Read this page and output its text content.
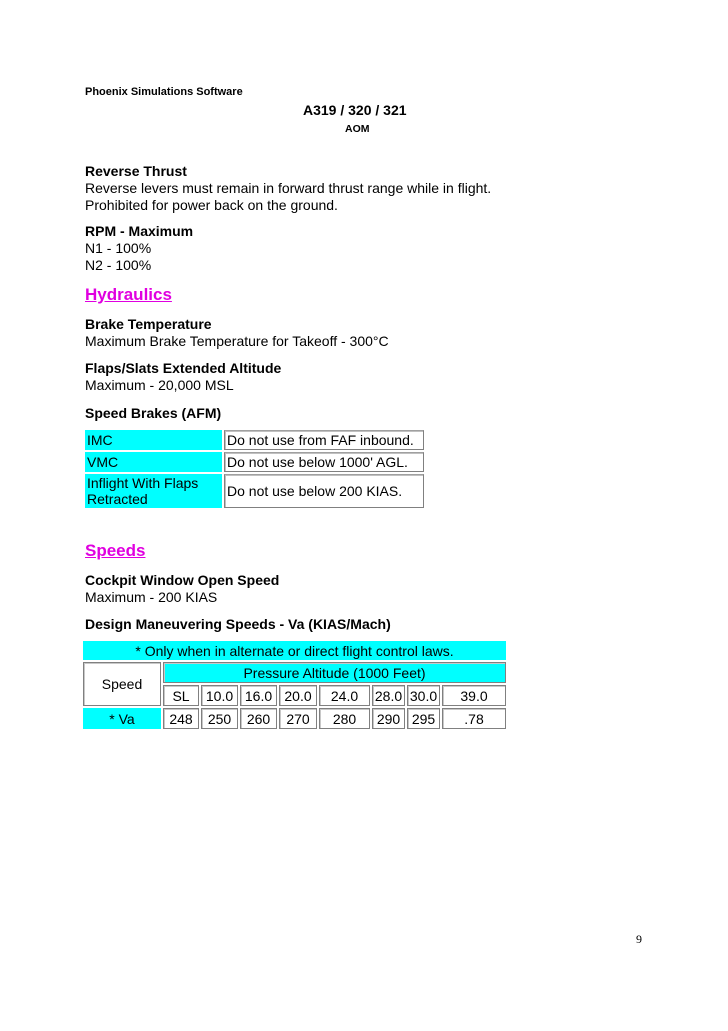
Phoenix Simulations Software
A319 / 320 / 321
AOM
Reverse Thrust
Reverse levers must remain in forward thrust range while in flight.
Prohibited for power back on the ground.
RPM - Maximum
N1 - 100%
N2 - 100%
Hydraulics
Brake Temperature
Maximum Brake Temperature for Takeoff - 300°C
Flaps/Slats Extended Altitude
Maximum - 20,000 MSL
Speed Brakes (AFM)
IMC	Do not use from FAF inbound.
VMC	Do not use below 1000' AGL.

Inflight With Flaps
Retracted	Do not use below 200 KIAS.
Speeds
Cockpit Window Open Speed
Maximum - 200 KIAS
Design Maneuvering Speeds - Va (KIAS/Mach)
* Only when in alternate or direct flight control laws.								
Speed	Pressure Altitude (1000 Feet)							
	SL	10.0	16.0	20.0	24.0	28.0	30.0	39.0
* Va	248	250	260	270	280	290	295	.78
9
